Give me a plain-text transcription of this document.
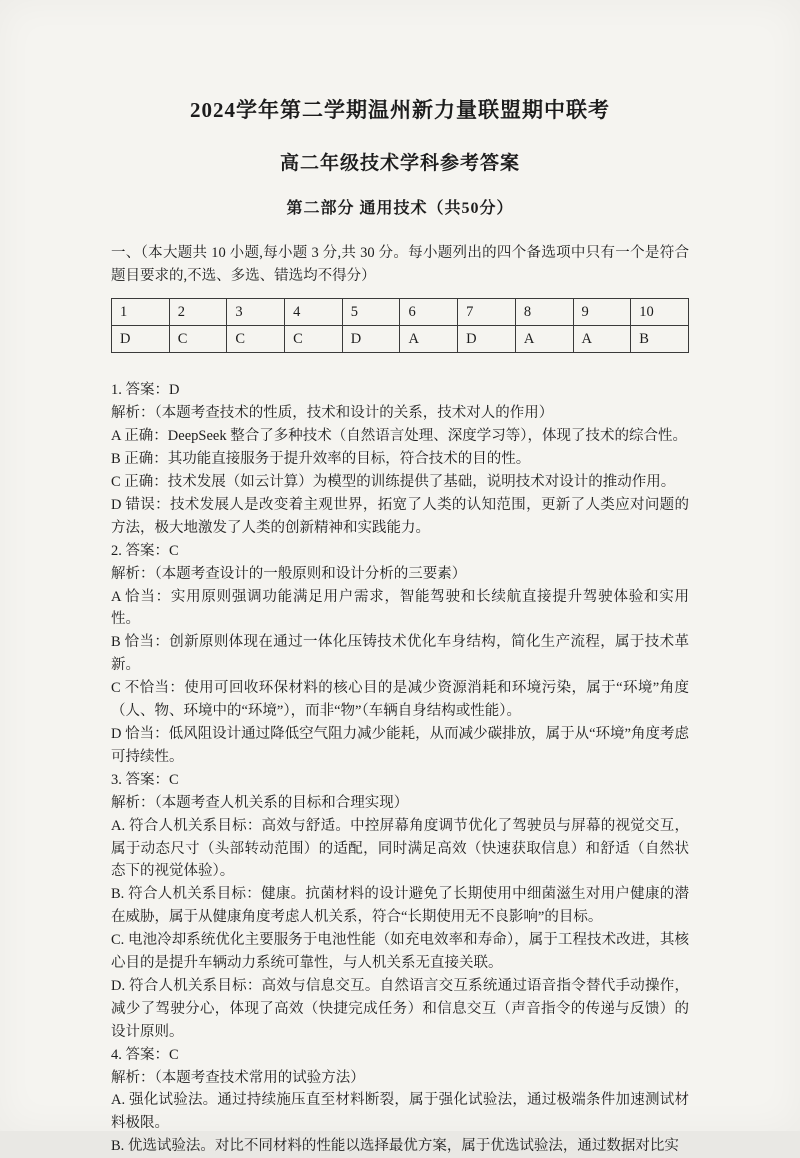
2024学年第二学期温州新力量联盟期中联考
高二年级技术学科参考答案
第二部分 通用技术（共50分）

一、（本大题共 10 小题,每小题 3 分,共 30 分。每小题列出的四个备选项中只有一个是符合题目要求的,不选、多选、错选均不得分）

1	2	3	4	5	6	7	8	9	10
D	C	C	C	D	A	D	A	A	B

1. 答案：D

解析：（本题考查技术的性质，技术和设计的关系，技术对人的作用）

A 正确：DeepSeek 整合了多种技术（自然语言处理、深度学习等），体现了技术的综合性。

B 正确：其功能直接服务于提升效率的目标，符合技术的目的性。

C 正确：技术发展（如云计算）为模型的训练提供了基础，说明技术对设计的推动作用。

D 错误：技术发展人是改变着主观世界，拓宽了人类的认知范围，更新了人类应对问题的方法，极大地激发了人类的创新精神和实践能力。

2. 答案：C

解析：（本题考查设计的一般原则和设计分析的三要素）

A 恰当：实用原则强调功能满足用户需求，智能驾驶和长续航直接提升驾驶体验和实用性。

B 恰当：创新原则体现在通过一体化压铸技术优化车身结构，简化生产流程，属于技术革新。

C 不恰当：使用可回收环保材料的核心目的是减少资源消耗和环境污染，属于“环境”角度（人、物、环境中的“环境”），而非“物”（车辆自身结构或性能）。

D 恰当：低风阻设计通过降低空气阻力减少能耗，从而减少碳排放，属于从“环境”角度考虑可持续性。

3. 答案：C

解析：（本题考查人机关系的目标和合理实现）

A. 符合人机关系目标：高效与舒适。中控屏幕角度调节优化了驾驶员与屏幕的视觉交互，属于动态尺寸（头部转动范围）的适配，同时满足高效（快速获取信息）和舒适（自然状态下的视觉体验）。

B. 符合人机关系目标：健康。抗菌材料的设计避免了长期使用中细菌滋生对用户健康的潜在威胁，属于从健康角度考虑人机关系，符合“长期使用无不良影响”的目标。

C. 电池冷却系统优化主要服务于电池性能（如充电效率和寿命），属于工程技术改进，其核心目的是提升车辆动力系统可靠性，与人机关系无直接关联。

D. 符合人机关系目标：高效与信息交互。自然语言交互系统通过语音指令替代手动操作，减少了驾驶分心，体现了高效（快捷完成任务）和信息交互（声音指令的传递与反馈）的设计原则。

4. 答案：C

解析：（本题考查技术常用的试验方法）

A. 强化试验法。通过持续施压直至材料断裂，属于强化试验法，通过极端条件加速测试材料极限。

B. 优选试验法。对比不同材料的性能以选择最优方案，属于优选试验法，通过数据对比实
